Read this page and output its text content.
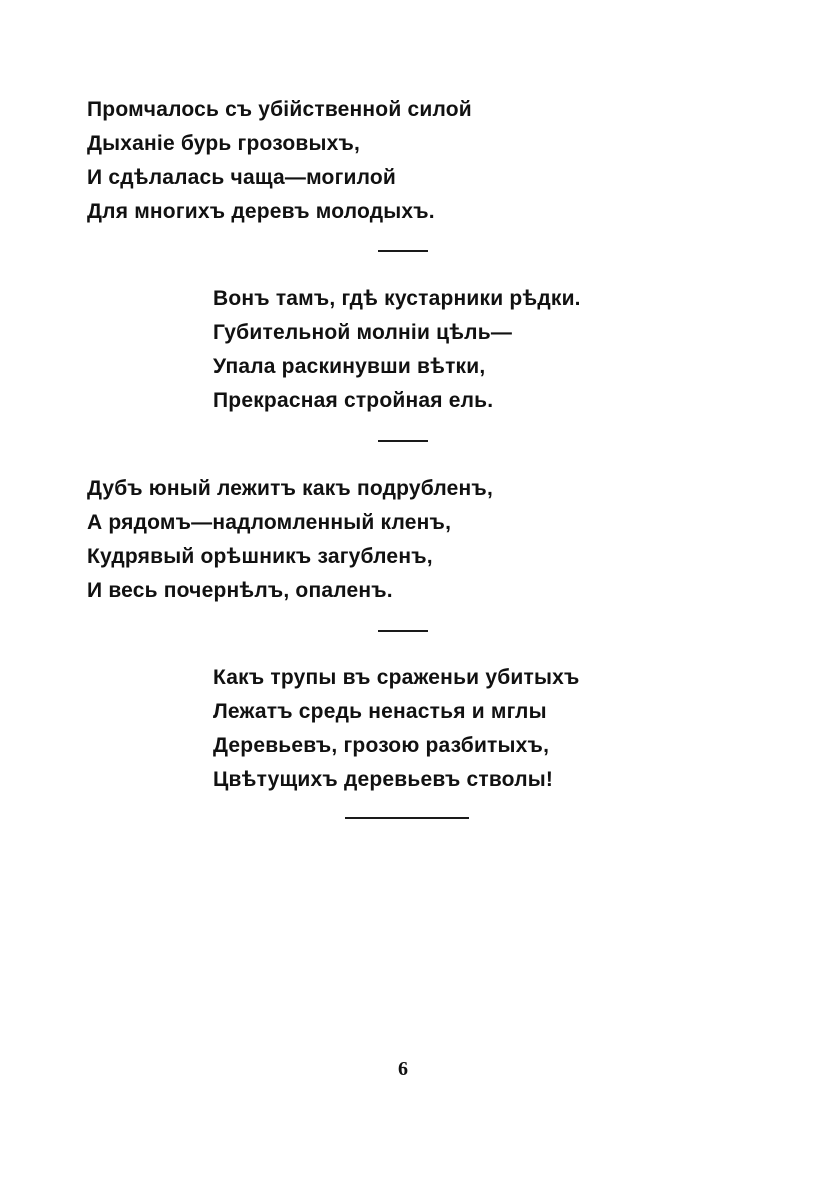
Промчалось съ убійственной силой
Дыханіе бурь грозовыхъ,
И сдѣлалась чаща—могилой
Для многихъ деревъ молодыхъ.
Вонъ тамъ, гдѣ кустарники рѣдки.
Губительной молніи цѣль—
Упала раскинувши вѣтки,
Прекрасная стройная ель.
Дубъ юный лежитъ какъ подрубленъ,
А рядомъ—надломленный кленъ,
Кудрявый орѣшникъ загубленъ,
И весь почернѣлъ, опаленъ.
Какъ трупы въ сраженьи убитыхъ
Лежатъ средь ненастья и мглы
Деревьевъ, грозою разбитыхъ,
Цвѣтущихъ деревьевъ стволы!
6
